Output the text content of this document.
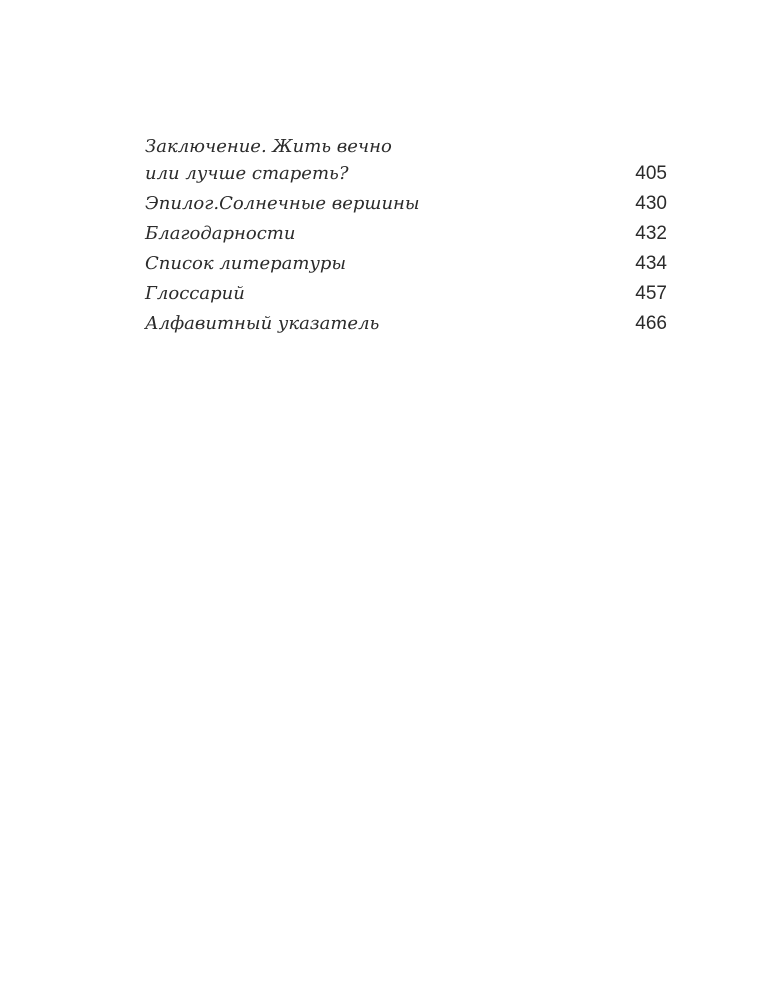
Заключение. Жить вечно
или лучше стареть?	405
Эпилог.Солнечные вершины	430
Благодарности	432
Список литературы	434
Глоссарий	457
Алфавитный указатель	466
